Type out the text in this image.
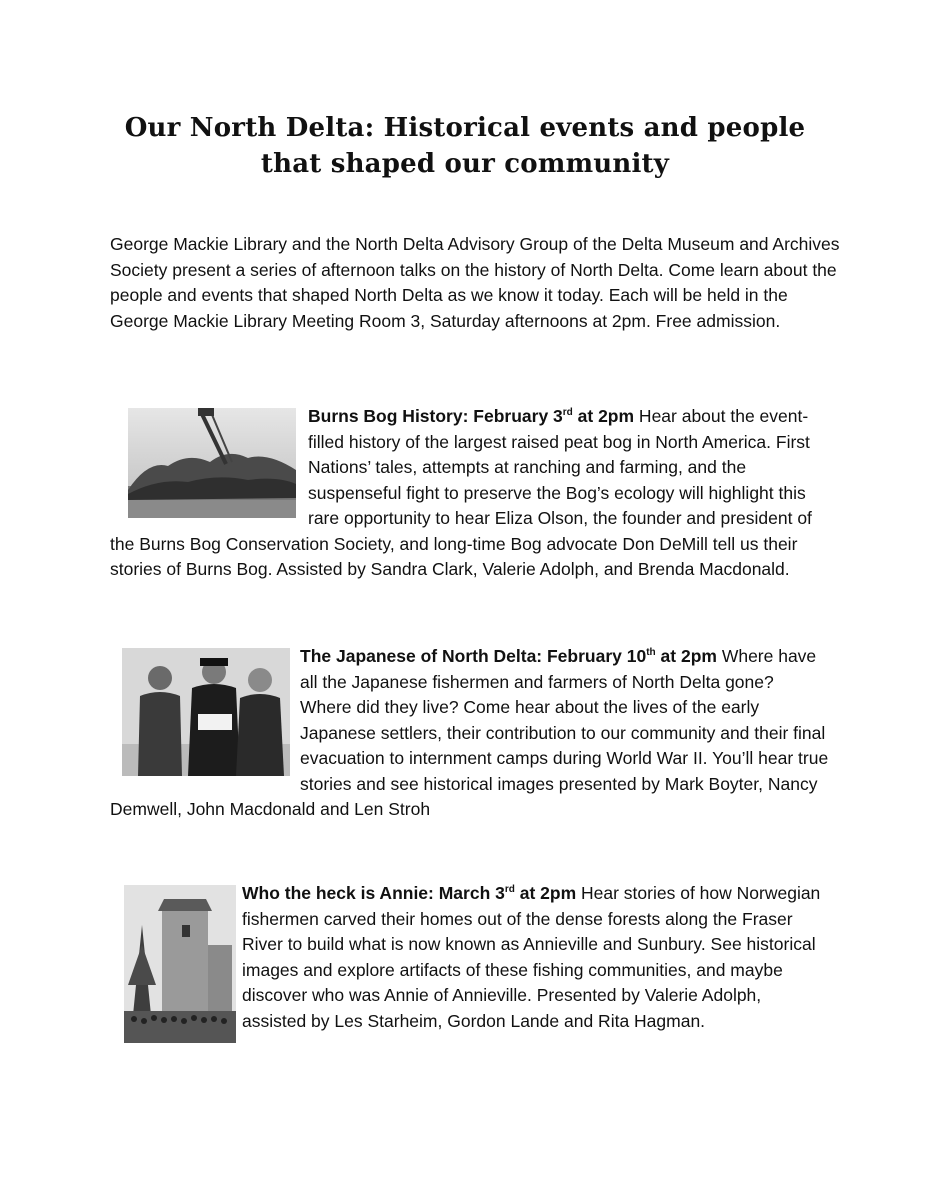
Our North Delta: Historical events and people that shaped our community
George Mackie Library and the North Delta Advisory Group of the Delta Museum and Archives Society present a series of afternoon talks on the history of North Delta. Come learn about the people and events that shaped North Delta as we know it today. Each will be held in the George Mackie Library Meeting Room 3, Saturday afternoons at 2pm. Free admission.
Burns Bog History: February 3rd at 2pm
Hear about the event-filled history of the largest raised peat bog in North America. First Nations’ tales, attempts at ranching and farming, and the suspenseful fight to preserve the Bog’s ecology will highlight this rare opportunity to hear Eliza Olson, the founder and president of the Burns Bog Conservation Society, and long-time Bog advocate Don DeMill tell us their stories of Burns Bog. Assisted by Sandra Clark, Valerie Adolph, and Brenda Macdonald.
The Japanese of North Delta: February 10th at 2pm
Where have all the Japanese fishermen and farmers of North Delta gone? Where did they live? Come hear about the lives of the early Japanese settlers, their contribution to our community and their final evacuation to internment camps during World War II. You’ll hear true stories and see historical images presented by Mark Boyter, Nancy Demwell, John Macdonald and Len Stroh
Who the heck is Annie: March 3rd at 2pm
Hear stories of how Norwegian fishermen carved their homes out of the dense forests along the Fraser River to build what is now known as Annieville and Sunbury. See historical images and explore artifacts of these fishing communities, and maybe discover who was Annie of Annieville. Presented by Valerie Adolph, assisted by Les Starheim, Gordon Lande and Rita Hagman.
